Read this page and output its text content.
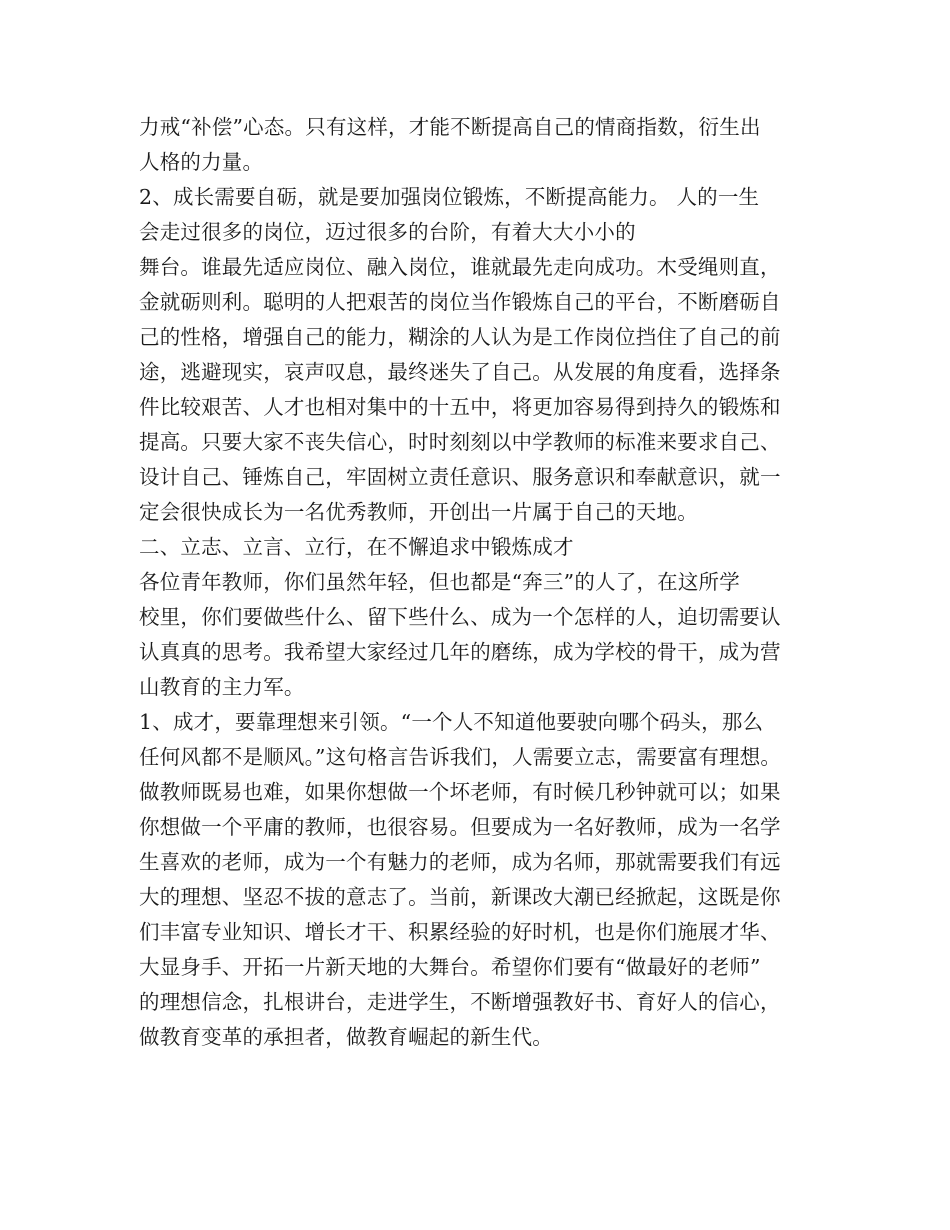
力戒“补偿”心态。只有这样，才能不断提高自己的情商指数，衍生出
人格的力量。
2、成长需要自砺，就是要加强岗位锻炼，不断提高能力。 人的一生
会走过很多的岗位，迈过很多的台阶，有着大大小小的
舞台。谁最先适应岗位、融入岗位，谁就最先走向成功。木受绳则直，
金就砺则利。聪明的人把艰苦的岗位当作锻炼自己的平台，不断磨砺自
己的性格，增强自己的能力，糊涂的人认为是工作岗位挡住了自己的前
途，逃避现实，哀声叹息，最终迷失了自己。从发展的角度看，选择条
件比较艰苦、人才也相对集中的十五中，将更加容易得到持久的锻炼和
提高。只要大家不丧失信心，时时刻刻以中学教师的标准来要求自己、
设计自己、锤炼自己，牢固树立责任意识、服务意识和奉献意识，就一
定会很快成长为一名优秀教师，开创出一片属于自己的天地。
二、立志、立言、立行，在不懈追求中锻炼成才
各位青年教师，你们虽然年轻，但也都是“奔三”的人了，在这所学
校里，你们要做些什么、留下些什么、成为一个怎样的人，迫切需要认
认真真的思考。我希望大家经过几年的磨练，成为学校的骨干，成为营
山教育的主力军。
1、成才，要靠理想来引领。“一个人不知道他要驶向哪个码头，那么
任何风都不是顺风。”这句格言告诉我们，人需要立志，需要富有理想。
做教师既易也难，如果你想做一个坏老师，有时候几秒钟就可以；如果
你想做一个平庸的教师，也很容易。但要成为一名好教师，成为一名学
生喜欢的老师，成为一个有魅力的老师，成为名师，那就需要我们有远
大的理想、坚忍不拔的意志了。当前，新课改大潮已经掀起，这既是你
们丰富专业知识、增长才干、积累经验的好时机，也是你们施展才华、
大显身手、开拓一片新天地的大舞台。希望你们要有“做最好的老师”
的理想信念，扎根讲台，走进学生，不断增强教好书、育好人的信心，
做教育变革的承担者，做教育崛起的新生代。
